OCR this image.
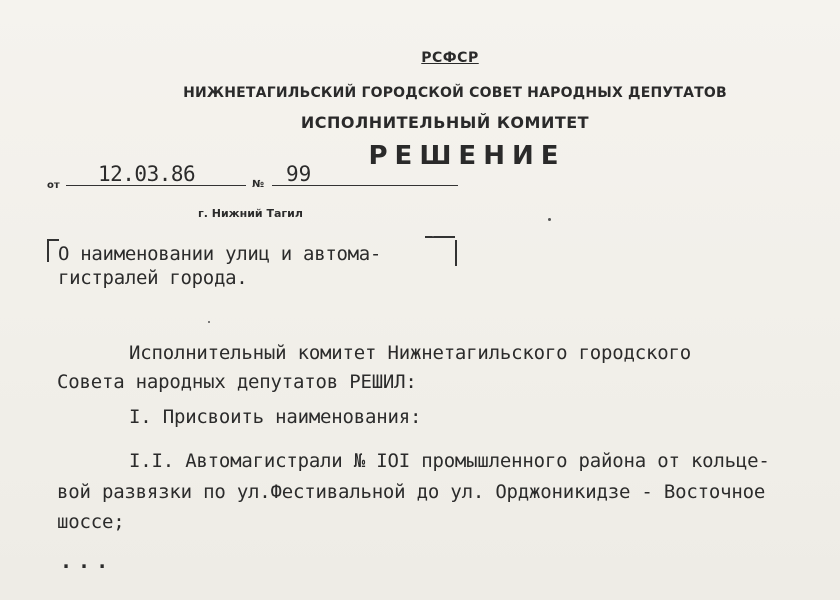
РСФСР
НИЖНЕТАГИЛЬСКИЙ ГОРОДСКОЙ СОВЕТ НАРОДНЫХ ДЕПУТАТОВ
ИСПОЛНИТЕЛЬНЫЙ КОМИТЕТ
РЕШЕНИЕ
от 12.03.86	№ 99
г. Нижний Тагил
О наименовании улиц и автома-
гистралей города.
Исполнительный комитет Нижнетагильского городского
Совета народных депутатов РЕШИЛ:
I. Присвоить наименования:
I.I. Автомагистрали № IOI промышленного района от кольце-
вой развязки по ул.Фестивальной до ул. Орджоникидзе - Восточное
шоссе;
...
